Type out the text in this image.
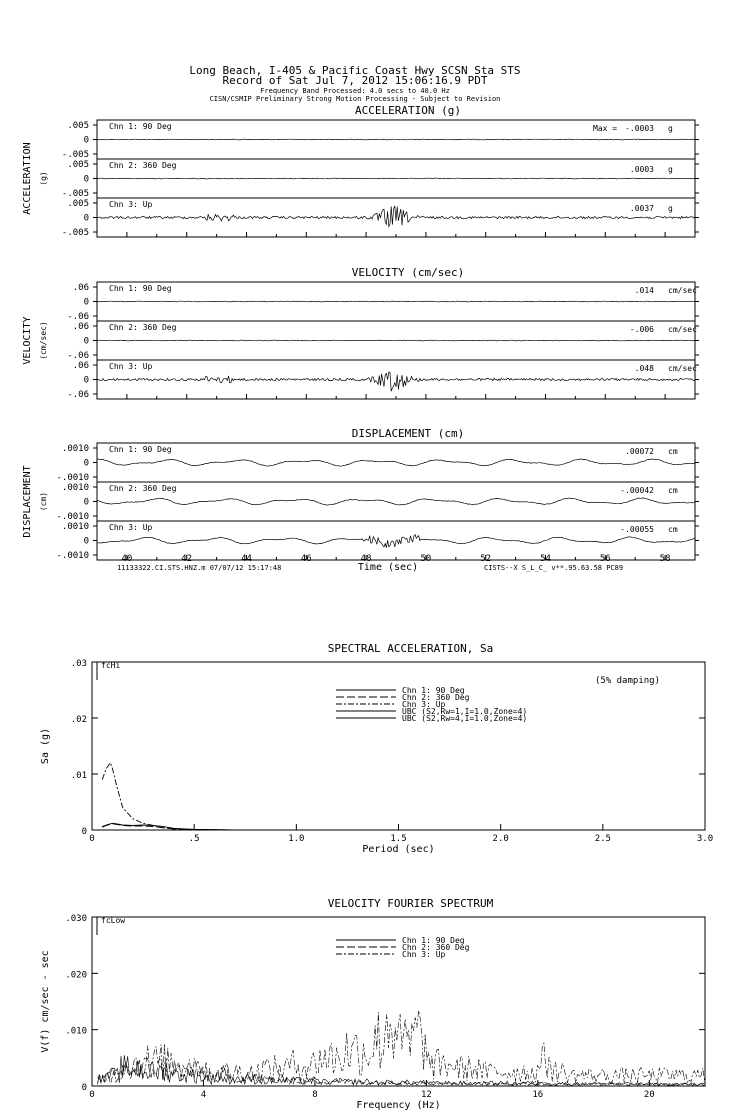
Long Beach, I-405 & Pacific Coast Hwy SCSN Sta STS
Record of Sat Jul 7, 2012 15:06:16.9 PDT
Frequency Band Processed: 4.0 secs to 40.0 Hz
CISN/CSMIP Preliminary Strong Motion Processing - Subject to Revision
ACCELERATION (g)
ACCELERATION (g)
.005
0
-.005
Chn 1: 90 Deg	Max = -.0003 g
.005
0
-.005
Chn 2: 360 Deg	.0003 g
.005
0
-.005
Chn 3: Up	.0037 g
VELOCITY (cm/sec)
VELOCITY (cm/sec)
.06
0
-.06
Chn 1: 90 Deg	.014 cm/sec
.06
0
-.06
Chn 2: 360 Deg	-.006 cm/sec
.06
0
-.06
Chn 3: Up	.048 cm/sec
DISPLACEMENT (cm)
DISPLACEMENT (cm)
.0010
0
-.0010
Chn 1: 90 Deg	.00072 cm
.0010
0
-.0010
Chn 2: 360 Deg	-.00042 cm
.0010
0
-.0010
Chn 3: Up	-.00055 cm
40	42	44	46	48	50	52	54	56	58
Time (sec)
11133322.CI.STS.HNZ.m 07/07/12 15:17:48	CISTS--X S_L_C_ v**.95.63.58 PC89
SPECTRAL ACCELERATION, Sa
fcHi
0
.01
.02
.03
0	.5	1.0	1.5	2.0	2.5	3.0
Period (sec)
Sa (g)
Chn 1: 90 Deg
Chn 2: 360 Deg
Chn 3: Up
UBC (S2,Rw=1,I=1.0,Zone=4)
UBC (S2,Rw=4,I=1.0,Zone=4)
(5% damping)
VELOCITY FOURIER SPECTRUM
fcLow
0
.010
.020
.030
0	4	8	12	16	20
Frequency (Hz)
V(f) cm/sec - sec
Chn 1: 90 Deg
Chn 2: 360 Deg
Chn 3: Up
